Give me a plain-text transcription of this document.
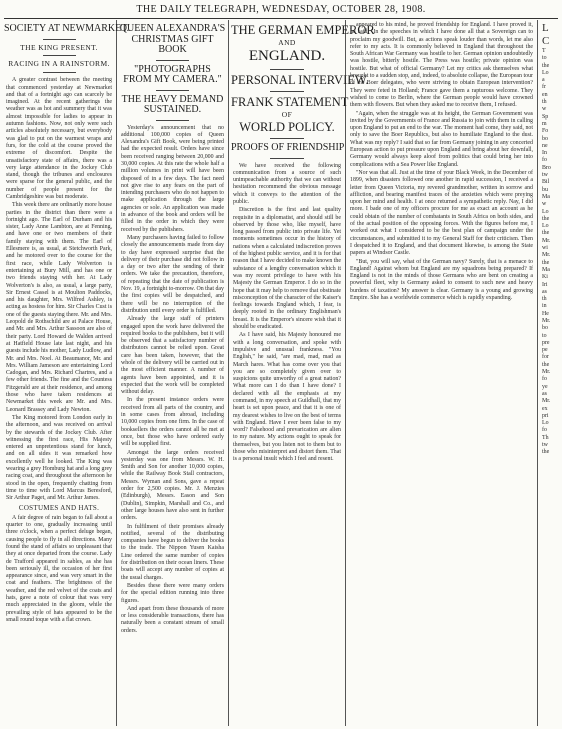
THE DAILY TELEGRAPH, WEDNESDAY, OCTOBER 28, 1908.
SOCIETY AT NEWMARKET.
THE KING PRESENT.
RACING IN A RAINSTORM.

A greater contrast between the meeting that commenced yesterday at Newmarket and that of a fortnight ago can scarcely be imagined. At the recent gatherings the weather was as hot and summery that it was almost impossible for ladies to appear in autumn fashions. Now, not only were such articles absolutely necessary, but everybody was glad to put on the warmest wraps and furs, for the cold at the course proved the extreme of discomfort. Despite the unsatisfactory state of affairs, there was a very large attendance in the Jockey Club stand, though the tribunes and enclosures were sparse for the general public, and the number of people present for the Cambridgeshire was but moderate.

This week there are ordinarily more house parties in the district than there were a fortnight ago. The Earl of Durham and his sister, Lady Anne Lambton, are at Fenning, and have one or two members of their family staying with them. The Earl of Ellesmere is, as usual, at Stetchworth Park, and he motored over to the course for the first race, while Lady Wolverton is entertaining at Bury Mill, and has one or two friends staying with her. At Lady Wolverton's is also, as usual, a large party, Sir Ernest Cassel is at Moulton Paddocks, and his daughter, Mrs. Wilfred Ashley, is acting as hostess for him. Sir Charles Cust is one of the guests staying there. Mr. and Mrs. Leopold de Rothschild are at Palace House, and Mr. and Mrs. Arthur Sassoon are also of their party. Lord Howard de Walden arrived at Hatfield House late last night, and his guests include his mother, Lady Ludlow, and Mr. and Mrs. Noel. At Beaumanor, Mr. and Mrs. William Jameson are entertaining Lord Cadogan, and Mrs. Richard Chartres, and a few other friends. The fine and the Countess Fitzgerald are at their residence, and among those who have taken residences at Newmarket this week are Mr. and Mrs. Leonard Brassey and Lady Newton.

The King motored from London early in the afternoon, and was received on arrival by the stewards of the Jockey Club. After witnessing the first race, His Majesty entered an unpretentious stand for lunch, and on all sides it was remarked how excellently well he looked. The King was wearing a grey Homburg hat and a long grey racing coat, and throughout the afternoon he stood in the open, frequently chatting from time to time with Lord Marcus Beresford, Sir Arthur Paget, and Mr. Arthur James.

COSTUMES AND HATS.

A fair degree of rain began to fall about a quarter to one, gradually increasing until three o'clock, when a perfect deluge began, causing people to fly in all directions. Many found the stand of affairs so unpleasant that they at once departed from the course. Lady de Trafford appeared in sables, as she has been seriously ill, the occasion of her first appearance since, and was very smart in the coat and feathers. The brightness of the weather, and the red velvet of the coats and hats, gave a note of colour that was very much appreciated in the gloom, while the prevailing style of hats appeared to be the small round toque with a flat crown.

QUEEN ALEXANDRA'S CHRISTMAS GIFT BOOK
"PHOTOGRAPHS FROM MY CAMERA."
THE HEAVY DEMAND SUSTAINED.

Yesterday's announcement that no additional 100,000 copies of Queen Alexandra's Gift Book, were being printed had the expected result. Orders have since been received ranging between 20,000 and 30,000 copies. At this rate the whole half a million volumes in print will have been disposed of in a few days. The fact need not give rise to any fears on the part of intending purchasers who do not happen to make application through the large agencies or sole. An application was made in advance of the book and orders will be filled in the order in which they were received by the publishers.

Many purchasers having failed to follow closely the announcements made from day to day have expressed surprise that the delivery of their purchase did not follow in a day or two after the sending of their orders. We take the precaution, therefore, of repeating that the date of publication is Nov. 19, a fortnight to-morrow. On that day the first copies will be despatched, and there will be no interruption of the distribution until every order is fulfilled.

Already the large staff of printers engaged upon the work have delivered the required books to the publishers, but it will be observed that a satisfactory number of distributors cannot be relied upon. Great care has been taken, however, that the whole of the delivery will be carried out in the most efficient manner. A number of agents have been appointed, and it is expected that the work will be completed without delay.

In the present instance orders were received from all parts of the country, and in some cases from abroad, including 10,000 copies from one firm. In the case of booksellers the orders cannot all be met at once, but those who have ordered early will be supplied first.

Amongst the large orders received yesterday was one from Messrs. W. H. Smith and Son for another 10,000 copies, while the Railway Book Stall contractors, Messrs. Wyman and Sons, gave a repeat order for 2,500 copies. Mr. J. Menzies (Edinburgh), Messrs. Eason and Son (Dublin), Simpkin, Marshall and Co., and other large houses have also sent in further orders.

In fulfilment of their promises already notified, several of the distributing companies have begun to deliver the books to the trade. The Nippon Yusen Kaisha Line ordered the same number of copies for distribution on their ocean liners. These boats will accept any number of copies at the usual charges.

Besides these there were many orders for the special edition running into three figures.

And apart from these thousands of more or less considerable transactions, there has naturally been a constant stream of small orders.

THE GERMAN EMPEROR
AND
ENGLAND.
PERSONAL INTERVIEW.
FRANK STATEMENT
OF
WORLD POLICY.
PROOFS OF FRIENDSHIP

We have received the following communication from a source of such unimpeachable authority that we can without hesitation recommend the obvious message which it conveys to the attention of the public.

Discretion is the first and last quality requisite in a diplomatist, and should still be observed by those who, like myself, have long passed from public into private life. Yet moments sometimes occur in the history of nations when a calculated indiscretion proves of the highest public service, and it is for that reason that I have decided to make known the substance of a lengthy conversation which it was my recent privilege to have with his Majesty the German Emperor. I do so in the hope that it may help to remove that obstinate misconception of the character of the Kaiser's feelings towards England which, I fear, is deeply rooted in the ordinary Englishman's breast. It is the Emperor's sincere wish that it should be eradicated.

As I have said, his Majesty honoured me with a long conversation, and spoke with impulsive and unusual frankness. "You English," he said, "are mad, mad, mad as March hares. What has come over you that you are so completely given over to suspicions quite unworthy of a great nation? What more can I do than I have done? I declared with all the emphasis at my command, in my speech at Guildhall, that my heart is set upon peace, and that it is one of my dearest wishes to live on the best of terms with England. Have I ever been false to my word? Falsehood and prevarication are alien to my nature. My actions ought to speak for themselves, but you listen not to them but to those who misinterpret and distort them. That is a personal insult which I feel and resent.

appeared to his mind, he proved friendship for England. I have proved it, he said, "In the speeches in which I have done all that a Sovereign can to proclaim my goodwill. But, as actions speak louder than words, let me also refer to my acts. It is commonly believed in England that throughout the South African War Germany was hostile to her. German opinion undoubtedly was hostile, bitterly hostile. The Press was hostile; private opinion was hostile. But what of official Germany? Let my critics ask themselves what brought to a sudden stop, and, indeed, to absolute collapse, the European tour of the Boer delegates, who were striving to obtain European intervention? They were feted in Holland; France gave them a rapturous welcome. They wished to come to Berlin, where the German people would have crowned them with flowers. But when they asked me to receive them, I refused.

"Again, when the struggle was at its height, the German Government was invited by the Governments of France and Russia to join with them in calling upon England to put an end to the war. The moment had come, they said, not only to save the Boer Republics, but also to humiliate England to the dust. What was my reply? I said that so far from Germany joining in any concerted European action to put pressure upon England and bring about her downfall, Germany would always keep aloof from politics that could bring her into complications with a Sea Power like England.

"Nor was that all. Just at the time of your Black Week, in the December of 1899, when disasters followed one another in rapid succession, I received a letter from Queen Victoria, my revered grandmother, written in sorrow and affliction, and bearing manifest traces of the anxieties which were preying upon her mind and health. I at once returned a sympathetic reply. Nay, I did more. I bade one of my officers procure for me as exact an account as he could obtain of the number of combatants in South Africa on both sides, and of the actual position of the opposing forces. With the figures before me, I worked out what I considered to be the best plan of campaign under the circumstances, and submitted it to my General Staff for their criticism. Then I despatched it to England, and that document likewise, is among the State papers at Windsor Castle.

"But, you will say, what of the German navy? Surely, that is a menace to England! Against whom but England are my squadrons being prepared? If England is not in the minds of those Germans who are bent on creating a powerful fleet, why is Germany asked to consent to such new and heavy burdens of taxation? My answer is clear. Germany is a young and growing Empire. She has a worldwide commerce which is rapidly expanding.

L
C
T
to
the
Lo
a
fr
en
th
w
Sp
m
Fo
bo
ne
In
fo
Bro
tw
Bil
bu
Ma
w
Lo
the
Lo
the
Mr.
wi
Mr.
the
Ma
Ki
Iri
as
th
in
He
Mr.
bo
to
pre
pe
for
the
Mr.
fo
ye
as
Mr.
ex
pri
Lo
fo
Th
tw
the
